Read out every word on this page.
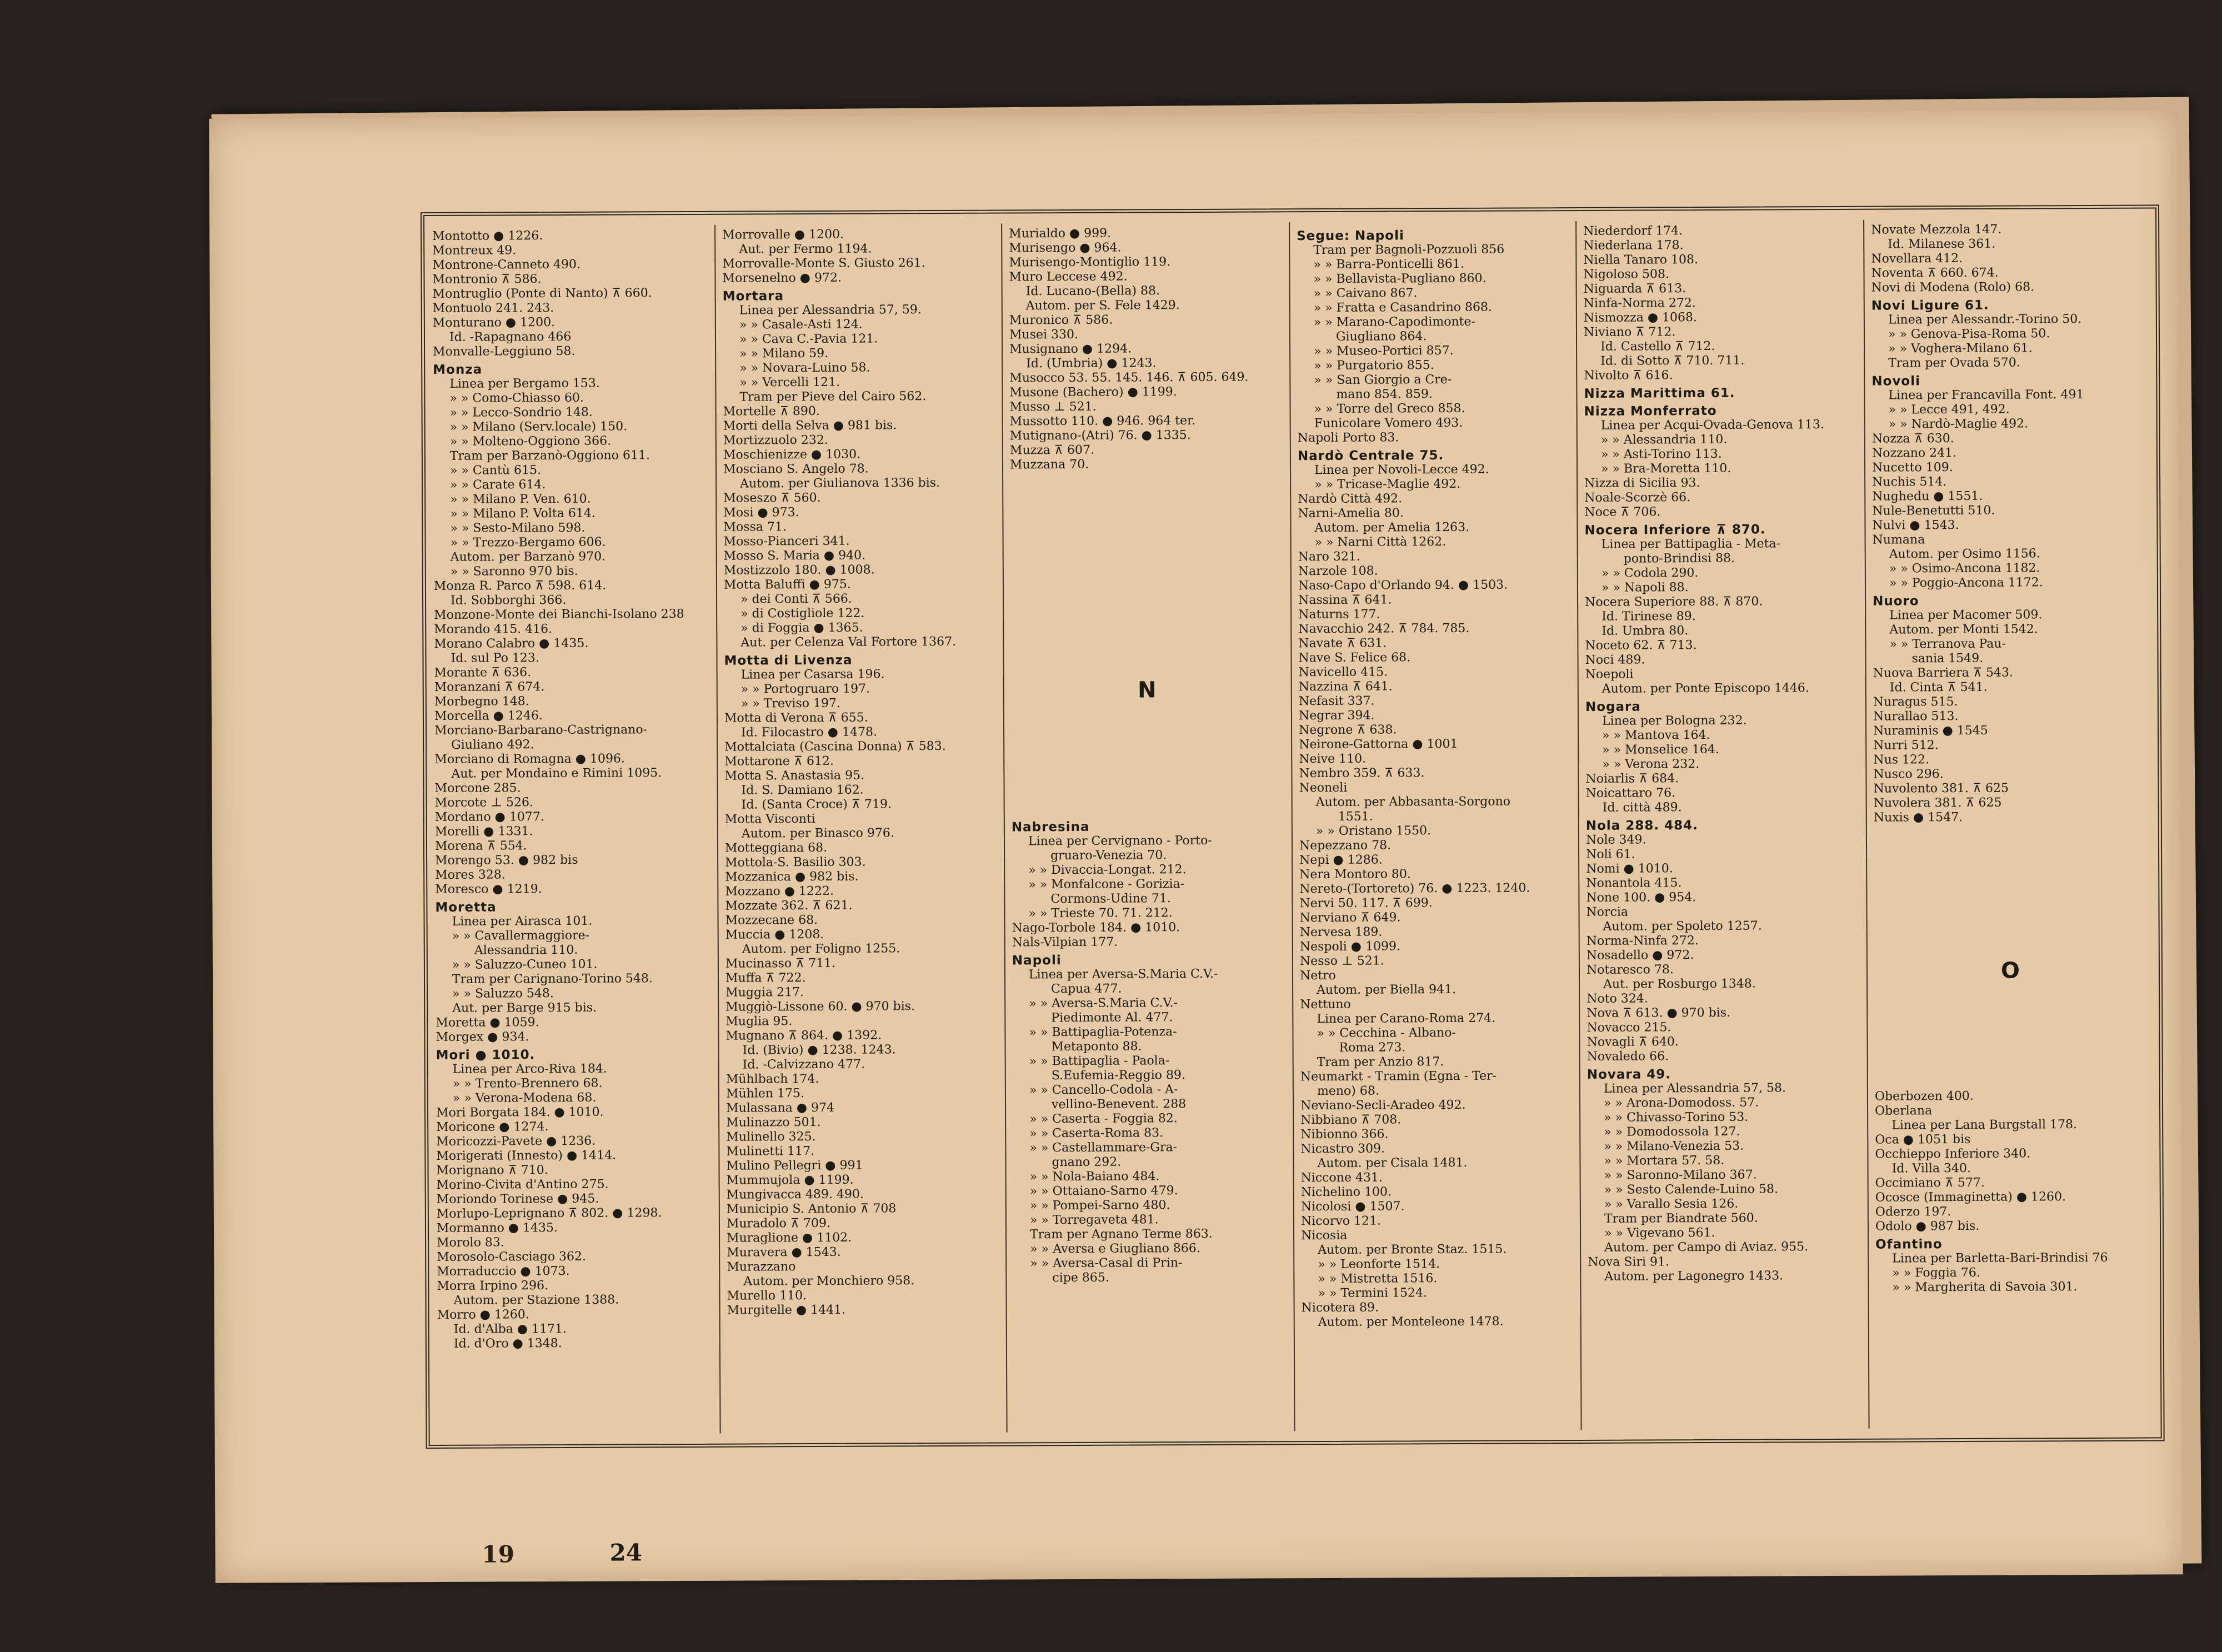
Montotto ● 1226.
Montreux 49.
Montrone-Canneto 490.
Montronio ⊼ 586.
Montruglio (Ponte di Nanto) ⊼ 660.
Montuolo 241. 243.
Monturano ● 1200.
Id. -Rapagnano 466
Monvalle-Leggiuno 58.
Monza
Linea per Bergamo 153.
» » Como-Chiasso 60.
» » Lecco-Sondrio 148.
» » Milano (Serv.locale) 150.
» » Molteno-Oggiono 366.
Tram per Barzanò-Oggiono 611.
» » Cantù 615.
» » Carate 614.
» » Milano P. Ven. 610.
» » Milano P. Volta 614.
» » Sesto-Milano 598.
» » Trezzo-Bergamo 606.
Autom. per Barzanò 970.
» » Saronno 970 bis.
Monza R. Parco ⊼ 598. 614.
Id. Sobborghi 366.
Monzone-Monte dei Bianchi-Isolano 238
Morando 415. 416.
Morano Calabro ● 1435.
Id. sul Po 123.
Morante ⊼ 636.
Moranzani ⊼ 674.
Morbegno 148.
Morcella ● 1246.
Morciano-Barbarano-Castrignano-
Giuliano 492.
Morciano di Romagna ● 1096.
Aut. per Mondaino e Rimini 1095.
Morcone 285.
Morcote ⊥ 526.
Mordano ● 1077.
Morelli ● 1331.
Morena ⊼ 554.
Morengo 53. ● 982 bis
Mores 328.
Moresco ● 1219.
Moretta
Linea per Airasca 101.
» » Cavallermaggiore-
Alessandria 110.
» » Saluzzo-Cuneo 101.
Tram per Carignano-Torino 548.
» » Saluzzo 548.
Aut. per Barge 915 bis.
Moretta ● 1059.
Morgex ● 934.
Mori ● 1010.
Linea per Arco-Riva 184.
» » Trento-Brennero 68.
» » Verona-Modena 68.
Mori Borgata 184. ● 1010.
Moricone ● 1274.
Moricozzi-Pavete ● 1236.
Morigerati (Innesto) ● 1414.
Morignano ⊼ 710.
Morino-Civita d'Antino 275.
Moriondo Torinese ● 945.
Morlupo-Leprignano ⊼ 802. ● 1298.
Mormanno ● 1435.
Morolo 83.
Morosolo-Casciago 362.
Morraduccio ● 1073.
Morra Irpino 296.
Autom. per Stazione 1388.
Morro ● 1260.
Id. d'Alba ● 1171.
Id. d'Oro ● 1348.
Morrovalle ● 1200.
Aut. per Fermo 1194.
Morrovalle-Monte S. Giusto 261.
Morsenelno ● 972.
Mortara
Linea per Alessandria 57, 59.
» » Casale-Asti 124.
» » Cava C.-Pavia 121.
» » Milano 59.
» » Novara-Luino 58.
» » Vercelli 121.
Tram per Pieve del Cairo 562.
Mortelle ⊼ 890.
Morti della Selva ● 981 bis.
Mortizzuolo 232.
Moschienizze ● 1030.
Mosciano S. Angelo 78.
Autom. per Giulianova 1336 bis.
Moseszo ⊼ 560.
Mosi ● 973.
Mossa 71.
Mosso-Pianceri 341.
Mosso S. Maria ● 940.
Mostizzolo 180. ● 1008.
Motta Baluffi ● 975.
» dei Conti ⊼ 566.
» di Costigliole 122.
» di Foggia ● 1365.
Aut. per Celenza Val Fortore 1367.
Motta di Livenza
Linea per Casarsa 196.
» » Portogruaro 197.
» » Treviso 197.
Motta di Verona ⊼ 655.
Id. Filocastro ● 1478.
Mottalciata (Cascina Donna) ⊼ 583.
Mottarone ⊼ 612.
Motta S. Anastasia 95.
Id. S. Damiano 162.
Id. (Santa Croce) ⊼ 719.
Motta Visconti
Autom. per Binasco 976.
Motteggiana 68.
Mottola-S. Basilio 303.
Mozzanica ● 982 bis.
Mozzano ● 1222.
Mozzate 362. ⊼ 621.
Mozzecane 68.
Muccia ● 1208.
Autom. per Foligno 1255.
Mucinasso ⊼ 711.
Muffa ⊼ 722.
Muggia 217.
Muggiò-Lissone 60. ● 970 bis.
Muglia 95.
Mugnano ⊼ 864. ● 1392.
Id. (Bivio) ● 1238. 1243.
Id. -Calvizzano 477.
Mühlbach 174.
Mühlen 175.
Mulassana ● 974
Mulinazzo 501.
Mulinello 325.
Mulinetti 117.
Mulino Pellegri ● 991
Mummujola ● 1199.
Mungivacca 489. 490.
Municipio S. Antonio ⊼ 708
Muradolo ⊼ 709.
Muraglione ● 1102.
Muravera ● 1543.
Murazzano
Autom. per Monchiero 958.
Murello 110.
Murgitelle ● 1441.
Murialdo ● 999.
Murisengo ● 964.
Murisengo-Montiglio 119.
Muro Leccese 492.
Id. Lucano-(Bella) 88.
Autom. per S. Fele 1429.
Muronico ⊼ 586.
Musei 330.
Musignano ● 1294.
Id. (Umbria) ● 1243.
Musocco 53. 55. 145. 146. ⊼ 605. 649.
Musone (Bachero) ● 1199.
Musso ⊥ 521.
Mussotto 110. ● 946. 964 ter.
Mutignano-(Atri) 76. ● 1335.
Muzza ⊼ 607.
Muzzana 70.
N
Nabresina
Linea per Cervignano - Porto-
gruaro-Venezia 70.
» » Divaccia-Longat. 212.
» » Monfalcone - Gorizia-
Cormons-Udine 71.
» » Trieste 70. 71. 212.
Nago-Torbole 184. ● 1010.
Nals-Vilpian 177.
Napoli
Linea per Aversa-S.Maria C.V.-
Capua 477.
» » Aversa-S.Maria C.V.-
Piedimonte Al. 477.
» » Battipaglia-Potenza-
Metaponto 88.
» » Battipaglia - Paola-
S.Eufemia-Reggio 89.
» » Cancello-Codola - A-
vellino-Benevent. 288
» » Caserta - Foggia 82.
» » Caserta-Roma 83.
» » Castellammare-Gra-
gnano 292.
» » Nola-Baiano 484.
» » Ottaiano-Sarno 479.
» » Pompei-Sarno 480.
» » Torregaveta 481.
Tram per Agnano Terme 863.
» » Aversa e Giugliano 866.
» » Aversa-Casal di Prin-
cipe 865.
Segue: Napoli
Tram per Bagnoli-Pozzuoli 856
» » Barra-Ponticelli 861.
» » Bellavista-Pugliano 860.
» » Caivano 867.
» » Fratta e Casandrino 868.
» » Marano-Capodimonte-
Giugliano 864.
» » Museo-Portici 857.
» » Purgatorio 855.
» » San Giorgio a Cre-
mano 854. 859.
» » Torre del Greco 858.
Funicolare Vomero 493.
Napoli Porto 83.
Nardò Centrale 75.
Linea per Novoli-Lecce 492.
» » Tricase-Maglie 492.
Nardò Città 492.
Narni-Amelia 80.
Autom. per Amelia 1263.
» » Narni Città 1262.
Naro 321.
Narzole 108.
Naso-Capo d'Orlando 94. ● 1503.
Nassina ⊼ 641.
Naturns 177.
Navacchio 242. ⊼ 784. 785.
Navate ⊼ 631.
Nave S. Felice 68.
Navicello 415.
Nazzina ⊼ 641.
Nefasit 337.
Negrar 394.
Negrone ⊼ 638.
Neirone-Gattorna ● 1001
Neive 110.
Nembro 359. ⊼ 633.
Neoneli
Autom. per Abbasanta-Sorgono
1551.
» » Oristano 1550.
Nepezzano 78.
Nepi ● 1286.
Nera Montoro 80.
Nereto-(Tortoreto) 76. ● 1223. 1240.
Nervi 50. 117. ⊼ 699.
Nerviano ⊼ 649.
Nervesa 189.
Nespoli ● 1099.
Nesso ⊥ 521.
Netro
Autom. per Biella 941.
Nettuno
Linea per Carano-Roma 274.
» » Cecchina - Albano-
Roma 273.
Tram per Anzio 817.
Neumarkt - Tramin (Egna - Ter-
meno) 68.
Neviano-Secli-Aradeo 492.
Nibbiano ⊼ 708.
Nibionno 366.
Nicastro 309.
Autom. per Cisala 1481.
Niccone 431.
Nichelino 100.
Nicolosi ● 1507.
Nicorvo 121.
Nicosia
Autom. per Bronte Staz. 1515.
» » Leonforte 1514.
» » Mistretta 1516.
» » Termini 1524.
Nicotera 89.
Autom. per Monteleone 1478.
Niederdorf 174.
Niederlana 178.
Niella Tanaro 108.
Nigoloso 508.
Niguarda ⊼ 613.
Ninfa-Norma 272.
Nismozza ● 1068.
Niviano ⊼ 712.
Id. Castello ⊼ 712.
Id. di Sotto ⊼ 710. 711.
Nivolto ⊼ 616.
Nizza Marittima 61.
Nizza Monferrato
Linea per Acqui-Ovada-Genova 113.
» » Alessandria 110.
» » Asti-Torino 113.
» » Bra-Moretta 110.
Nizza di Sicilia 93.
Noale-Scorzè 66.
Noce ⊼ 706.
Nocera Inferiore ⊼ 870.
Linea per Battipaglia - Meta-
ponto-Brindisi 88.
» » Codola 290.
» » Napoli 88.
Nocera Superiore 88. ⊼ 870.
Id. Tirinese 89.
Id. Umbra 80.
Noceto 62. ⊼ 713.
Noci 489.
Noepoli
Autom. per Ponte Episcopo 1446.
Nogara
Linea per Bologna 232.
» » Mantova 164.
» » Monselice 164.
» » Verona 232.
Noiarlis ⊼ 684.
Noicattaro 76.
Id. città 489.
Nola 288. 484.
Nole 349.
Noli 61.
Nomi ● 1010.
Nonantola 415.
None 100. ● 954.
Norcia
Autom. per Spoleto 1257.
Norma-Ninfa 272.
Nosadello ● 972.
Notaresco 78.
Aut. per Rosburgo 1348.
Noto 324.
Nova ⊼ 613. ● 970 bis.
Novacco 215.
Novagli ⊼ 640.
Novaledo 66.
Novara 49.
Linea per Alessandria 57, 58.
» » Arona-Domodoss. 57.
» » Chivasso-Torino 53.
» » Domodossola 127.
» » Milano-Venezia 53.
» » Mortara 57. 58.
» » Saronno-Milano 367.
» » Sesto Calende-Luino 58.
» » Varallo Sesia 126.
Tram per Biandrate 560.
» » Vigevano 561.
Autom. per Campo di Aviaz. 955.
Nova Siri 91.
Autom. per Lagonegro 1433.
Novate Mezzola 147.
Id. Milanese 361.
Novellara 412.
Noventa ⊼ 660. 674.
Novi di Modena (Rolo) 68.
Novi Ligure 61.
Linea per Alessandr.-Torino 50.
» » Genova-Pisa-Roma 50.
» » Voghera-Milano 61.
Tram per Ovada 570.
Novoli
Linea per Francavilla Font. 491
» » Lecce 491, 492.
» » Nardò-Maglie 492.
Nozza ⊼ 630.
Nozzano 241.
Nucetto 109.
Nuchis 514.
Nughedu ● 1551.
Nule-Benetutti 510.
Nulvi ● 1543.
Numana
Autom. per Osimo 1156.
» » Osimo-Ancona 1182.
» » Poggio-Ancona 1172.
Nuoro
Linea per Macomer 509.
Autom. per Monti 1542.
» » Terranova Pau-
sania 1549.
Nuova Barriera ⊼ 543.
Id. Cinta ⊼ 541.
Nuragus 515.
Nurallao 513.
Nuraminis ● 1545
Nurri 512.
Nus 122.
Nusco 296.
Nuvolento 381. ⊼ 625
Nuvolera 381. ⊼ 625
Nuxis ● 1547.
O
Oberbozen 400.
Oberlana
Linea per Lana Burgstall 178.
Oca ● 1051 bis
Occhieppo Inferiore 340.
Id. Villa 340.
Occimiano ⊼ 577.
Ocosce (Immaginetta) ● 1260.
Oderzo 197.
Odolo ● 987 bis.
Ofantino
Linea per Barletta-Bari-Brindisi 76
» » Foggia 76.
» » Margherita di Savoia 301.
19	24
